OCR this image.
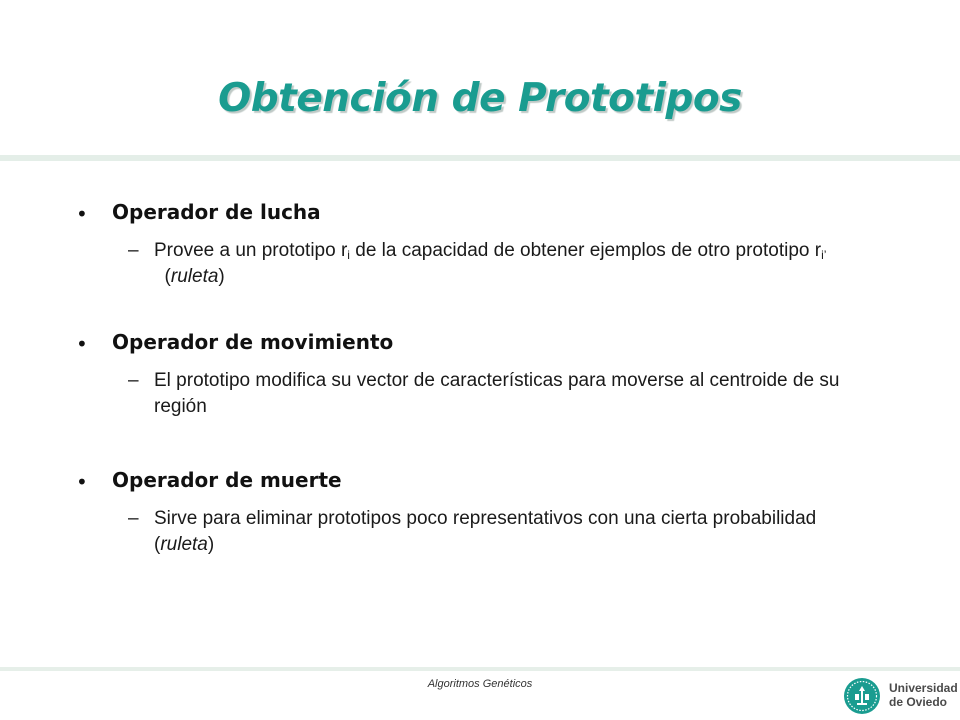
Obtención de Prototipos
• Operador de lucha
– Provee a un prototipo $r_i$ de la capacidad de obtener ejemplos de otro prototipo $r_{i’}$  (ruleta)
• Operador de movimiento
– El prototipo modifica su vector de características para moverse al centroide de su región
• Operador de muerte
– Sirve para eliminar prototipos poco representativos con una cierta probabilidad (ruleta)
Algoritmos Genéticos	Universidad
de Oviedo
